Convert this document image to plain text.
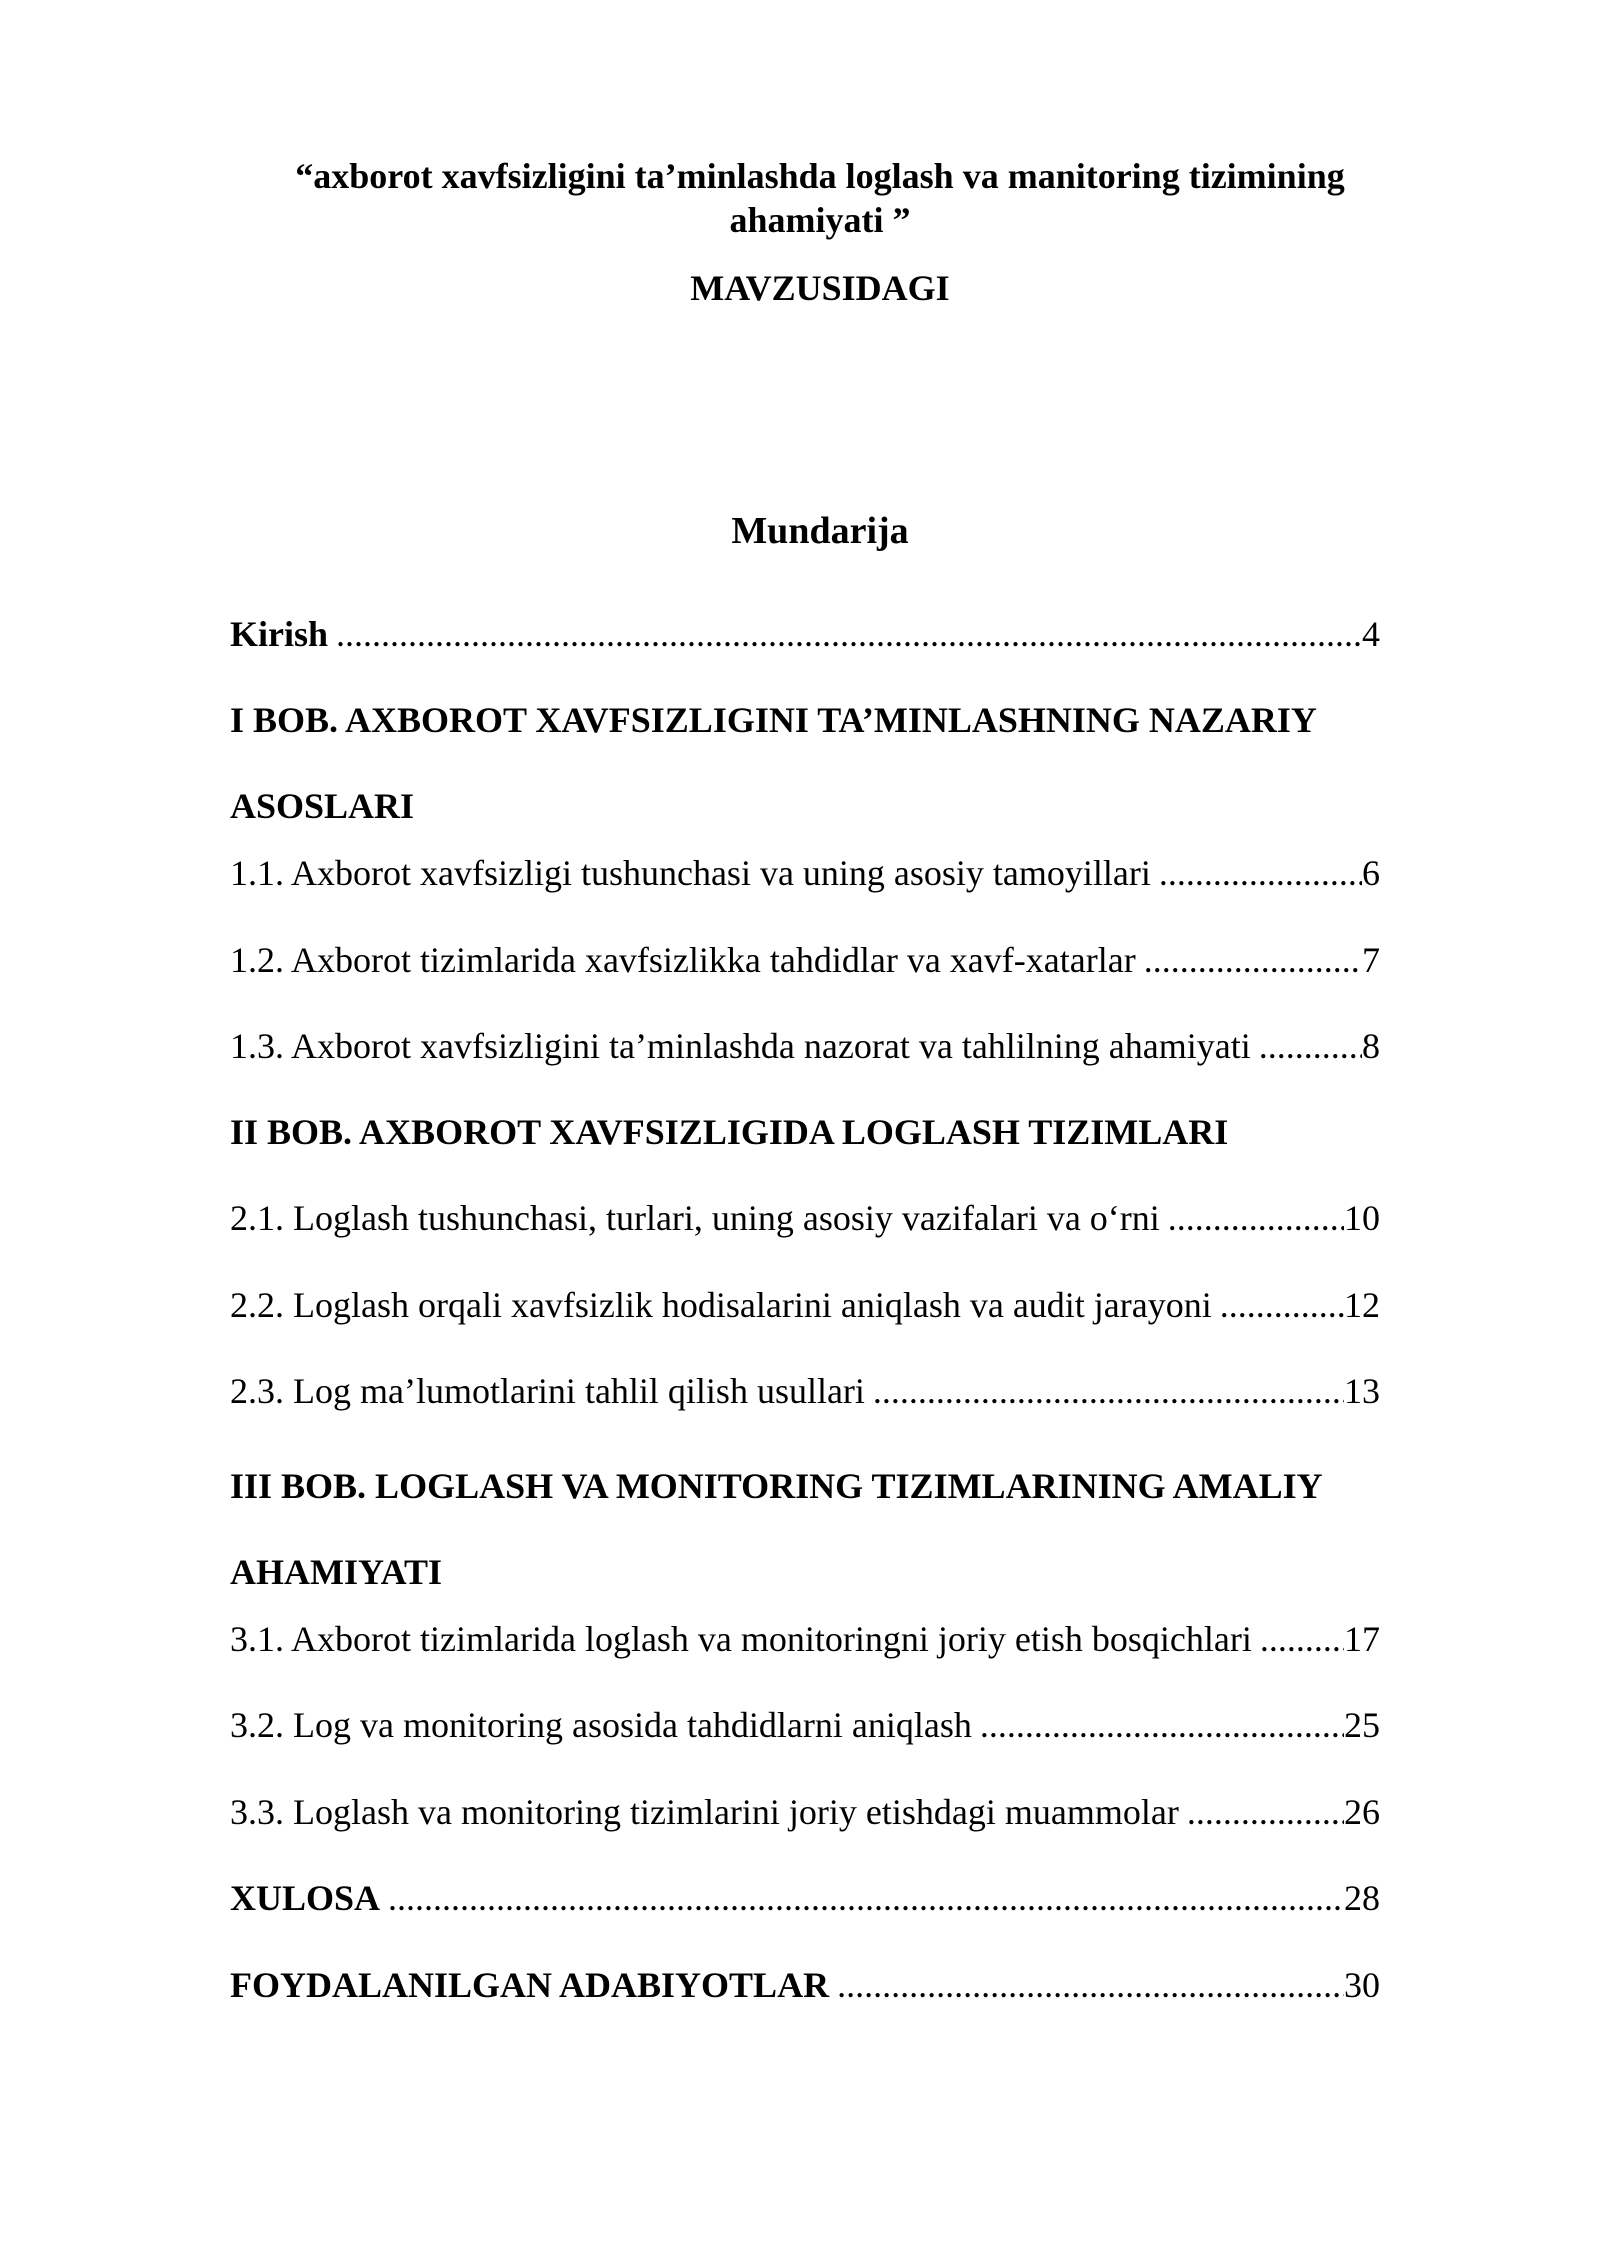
“axborot xavfsizligini ta’minlashda loglash va manitoring tizimining ahamiyati ”
MAVZUSIDAGI
Mundarija
Kirish .....	4
I BOB. AXBOROT XAVFSIZLIGINI TA’MINLASHNING NAZARIY ASOSLARI
1.1. Axborot xavfsizligi tushunchasi va uning asosiy tamoyillari .....	6
1.2. Axborot tizimlarida xavfsizlikka tahdidlar va xavf-xatarlar .....	7
1.3. Axborot xavfsizligini ta’minlashda nazorat va tahlilning ahamiyati .....	8
II BOB. AXBOROT XAVFSIZLIGIDA LOGLASH TIZIMLARI
2.1. Loglash tushunchasi, turlari, uning asosiy vazifalari va o‘rni .....	10
2.2. Loglash orqali xavfsizlik hodisalarini aniqlash va audit jarayoni .....	12
2.3. Log ma’lumotlarini tahlil qilish usullari .....	13
III BOB. LOGLASH VA MONITORING TIZIMLARINING AMALIY AHAMIYATI
3.1. Axborot tizimlarida loglash va monitoringni joriy etish bosqichlari .....	17
3.2. Log va monitoring asosida tahdidlarni aniqlash .....	25
3.3. Loglash va monitoring tizimlarini joriy etishdagi muammolar .....	26
XULOSA .....	28
FOYDALANILGAN ADABIYOTLAR .....	30
